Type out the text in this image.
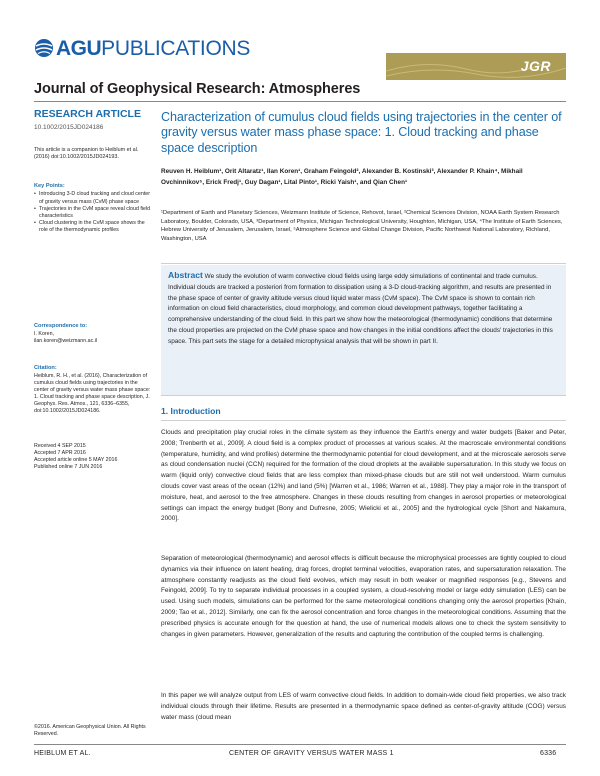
AGU PUBLICATIONS
JGR
Journal of Geophysical Research: Atmospheres
RESEARCH ARTICLE
10.1002/2015JD024186
This article is a companion to Heiblum et al. (2016) doi:10.1002/2015JD024193.
Key Points:
• Introducing 3-D cloud tracking and cloud center of gravity versus mass (CvM) phase space
• Trajectories in the CvM space reveal cloud field characteristics
• Cloud clustering in the CvM space shows the role of the thermodynamic profiles
Correspondence to:
I. Koren,
ilan.koren@weizmann.ac.il
Citation:
Heiblum, R. H., et al. (2016), Characterization of cumulus cloud fields using trajectories in the center of gravity versus water mass phase space: 1. Cloud tracking and phase space description, J. Geophys. Res. Atmos., 121, 6336–6355, doi:10.1002/2015JD024186.
Received 4 SEP 2015
Accepted 7 APR 2016
Accepted article online 5 MAY 2016
Published online 7 JUN 2016
©2016. American Geophysical Union. All Rights Reserved.
Characterization of cumulus cloud fields using trajectories in the center of gravity versus water mass phase space: 1. Cloud tracking and phase space description
Reuven H. Heiblum¹, Orit Altaratz¹, Ilan Koren¹, Graham Feingold², Alexander B. Kostinski³, Alexander P. Khain⁴, Mikhail Ovchinnikov⁵, Erick Fredj¹, Guy Dagan¹, Lital Pinto¹, Ricki Yaish¹, and Qian Chen¹
¹Department of Earth and Planetary Sciences, Weizmann Institute of Science, Rehovot, Israel, ²Chemical Sciences Division, NOAA Earth System Research Laboratory, Boulder, Colorado, USA, ³Department of Physics, Michigan Technological University, Houghton, Michigan, USA, ⁴The Institute of Earth Sciences, Hebrew University of Jerusalem, Jerusalem, Israel, ⁵Atmosphere Science and Global Change Division, Pacific Northwest National Laboratory, Richland, Washington, USA
Abstract We study the evolution of warm convective cloud fields using large eddy simulations of continental and trade cumulus. Individual clouds are tracked a posteriori from formation to dissipation using a 3-D cloud-tracking algorithm, and results are presented in the phase space of center of gravity altitude versus cloud liquid water mass (CvM space). The CvM space is shown to contain rich information on cloud field characteristics, cloud morphology, and common cloud development pathways, together facilitating a comprehensive understanding of the cloud field. In this part we show how the meteorological (thermodynamic) conditions that determine the cloud properties are projected on the CvM phase space and how changes in the initial conditions affect the clouds' trajectories in this space. This part sets the stage for a detailed microphysical analysis that will be shown in part II.
1. Introduction
Clouds and precipitation play crucial roles in the climate system as they influence the Earth's energy and water budgets [Baker and Peter, 2008; Trenberth et al., 2009]. A cloud field is a complex product of processes at various scales. At the macroscale environmental conditions (temperature, humidity, and wind profiles) determine the thermodynamic potential for cloud development, and at the microscale aerosols serve as cloud condensation nuclei (CCN) required for the formation of the cloud droplets at the available supersaturation. In this study we focus on warm (liquid only) convective cloud fields that are less complex than mixed-phase clouds but are still not well understood. Warm cumulus clouds cover vast areas of the ocean (12%) and land (5%) [Warren et al., 1986; Warren et al., 1988]. They play a major role in the transport of moisture, heat, and aerosol to the free atmosphere. Changes in these clouds resulting from changes in aerosol properties or meteorological settings can impact the energy budget [Bony and Dufresne, 2005; Wielicki et al., 2005] and the hydrological cycle [Short and Nakamura, 2000].
Separation of meteorological (thermodynamic) and aerosol effects is difficult because the microphysical processes are tightly coupled to cloud dynamics via their influence on latent heating, drag forces, droplet terminal velocities, evaporation rates, and supersaturation relaxation. The atmosphere constantly readjusts as the cloud field evolves, which may result in both weaker or magnified responses [e.g., Stevens and Feingold, 2009]. To try to separate individual processes in a coupled system, a cloud-resolving model or large eddy simulation (LES) can be used. Using such models, simulations can be performed for the same meteorological conditions changing only the aerosol properties [Khain, 2009; Tao et al., 2012]. Similarly, one can fix the aerosol concentration and force changes in the meteorological conditions. Assuming that the prescribed physics is accurate enough for the question at hand, the use of numerical models allows one to check the system sensitivity to changes in given parameters. However, generalization of the results and capturing the contribution of the coupled terms is challenging.
In this paper we will analyze output from LES of warm convective cloud fields. In addition to domain-wide cloud field properties, we also track individual clouds through their lifetime. Results are presented in a thermodynamic space defined as center-of-gravity altitude (COG) versus water mass (cloud mean
HEIBLUM ET AL.	CENTER OF GRAVITY VERSUS WATER MASS 1	6336
